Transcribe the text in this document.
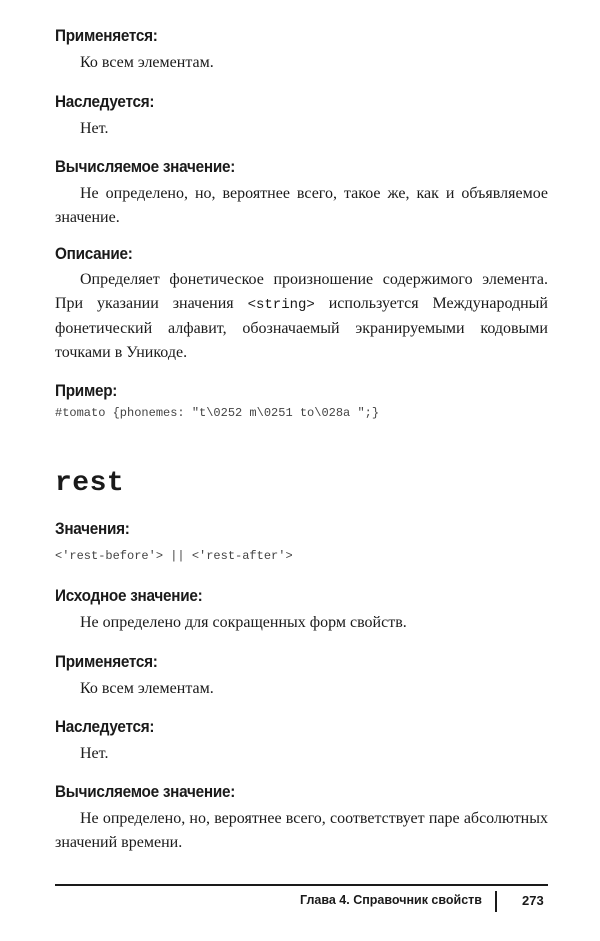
Применяется:

Ко всем элементам.

Наследуется:

Нет.

Вычисляемое значение:

Не определено, но, вероятнее всего, такое же, как и объявляемое значение.

Описание:

Определяет фонетическое произношение содержимого элемента. При указании значения <string> используется Международный фонетический алфавит, обозначаемый экранируемыми кодовыми точками в Уникоде.

Пример:
#tomato {phonemes: "t\0252 m\0251 to\028a ";}
rest
Значения:
<'rest-before'> || <'rest-after'>
Исходное значение:

Не определено для сокращенных форм свойств.

Применяется:

Ко всем элементам.

Наследуется:

Нет.

Вычисляемое значение:

Не определено, но, вероятнее всего, соответствует паре абсолютных значений времени.

Глава 4. Справочник свойств	273
